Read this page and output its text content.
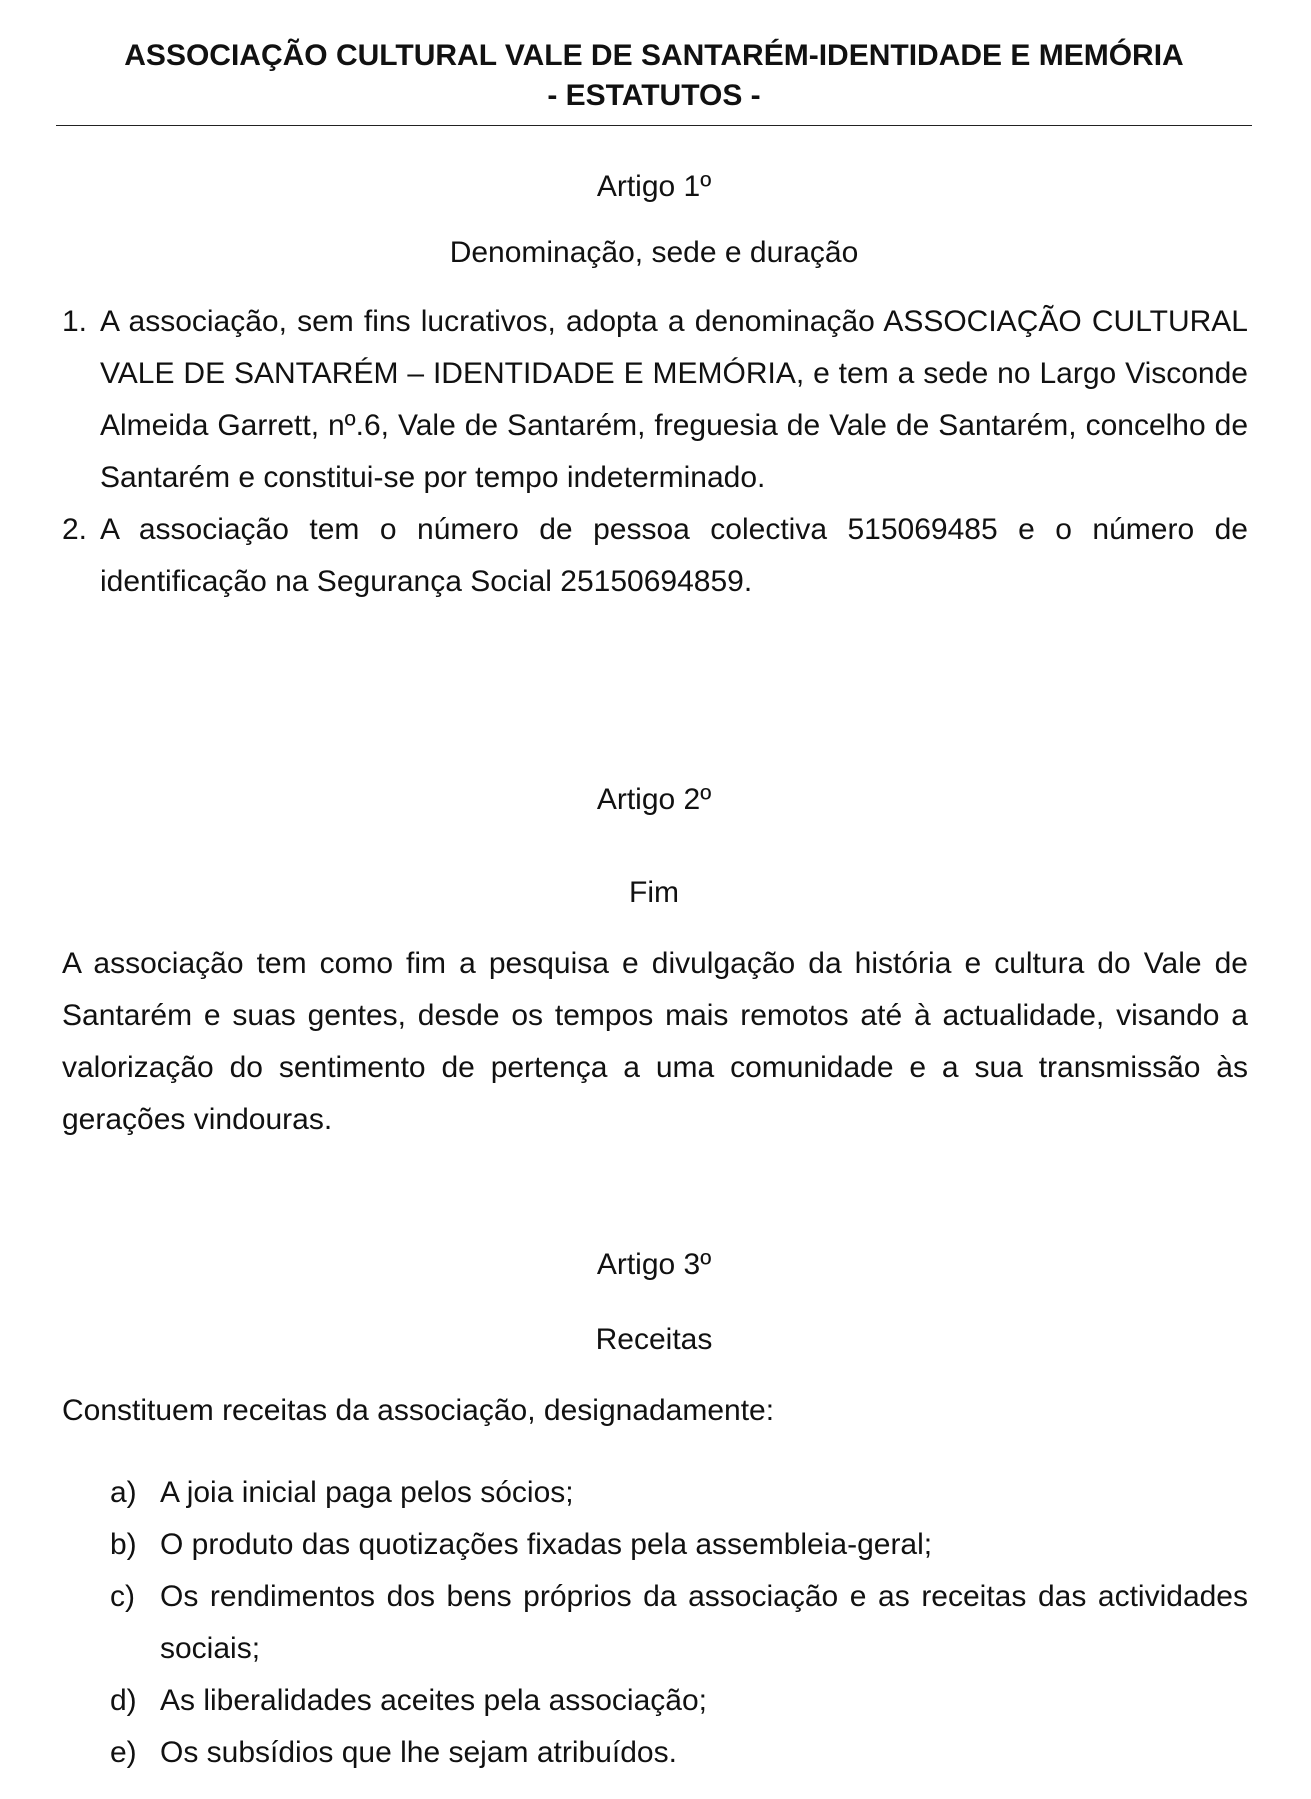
ASSOCIAÇÃO CULTURAL VALE DE SANTARÉM-IDENTIDADE E MEMÓRIA
- ESTATUTOS -
Artigo 1º
Denominação, sede e duração
1. A associação, sem fins lucrativos, adopta a denominação ASSOCIAÇÃO CULTURAL VALE DE SANTARÉM – IDENTIDADE E MEMÓRIA, e tem a sede no Largo Visconde Almeida Garrett, nº.6, Vale de Santarém, freguesia de Vale de Santarém, concelho de Santarém e constitui-se por tempo indeterminado.
2. A associação tem o número de pessoa colectiva 515069485 e o número de identificação na Segurança Social 25150694859.
Artigo 2º
Fim

A associação tem como fim a pesquisa e divulgação da história e cultura do Vale de Santarém e suas gentes, desde os tempos mais remotos até à actualidade, visando a valorização do sentimento de pertença a uma comunidade e a sua transmissão às gerações vindouras.

Artigo 3º
Receitas

Constituem receitas da associação, designadamente:

a) A joia inicial paga pelos sócios;
b) O produto das quotizações fixadas pela assembleia-geral;
c) Os rendimentos dos bens próprios da associação e as receitas das actividades sociais;
d) As liberalidades aceites pela associação;
e) Os subsídios que lhe sejam atribuídos.
